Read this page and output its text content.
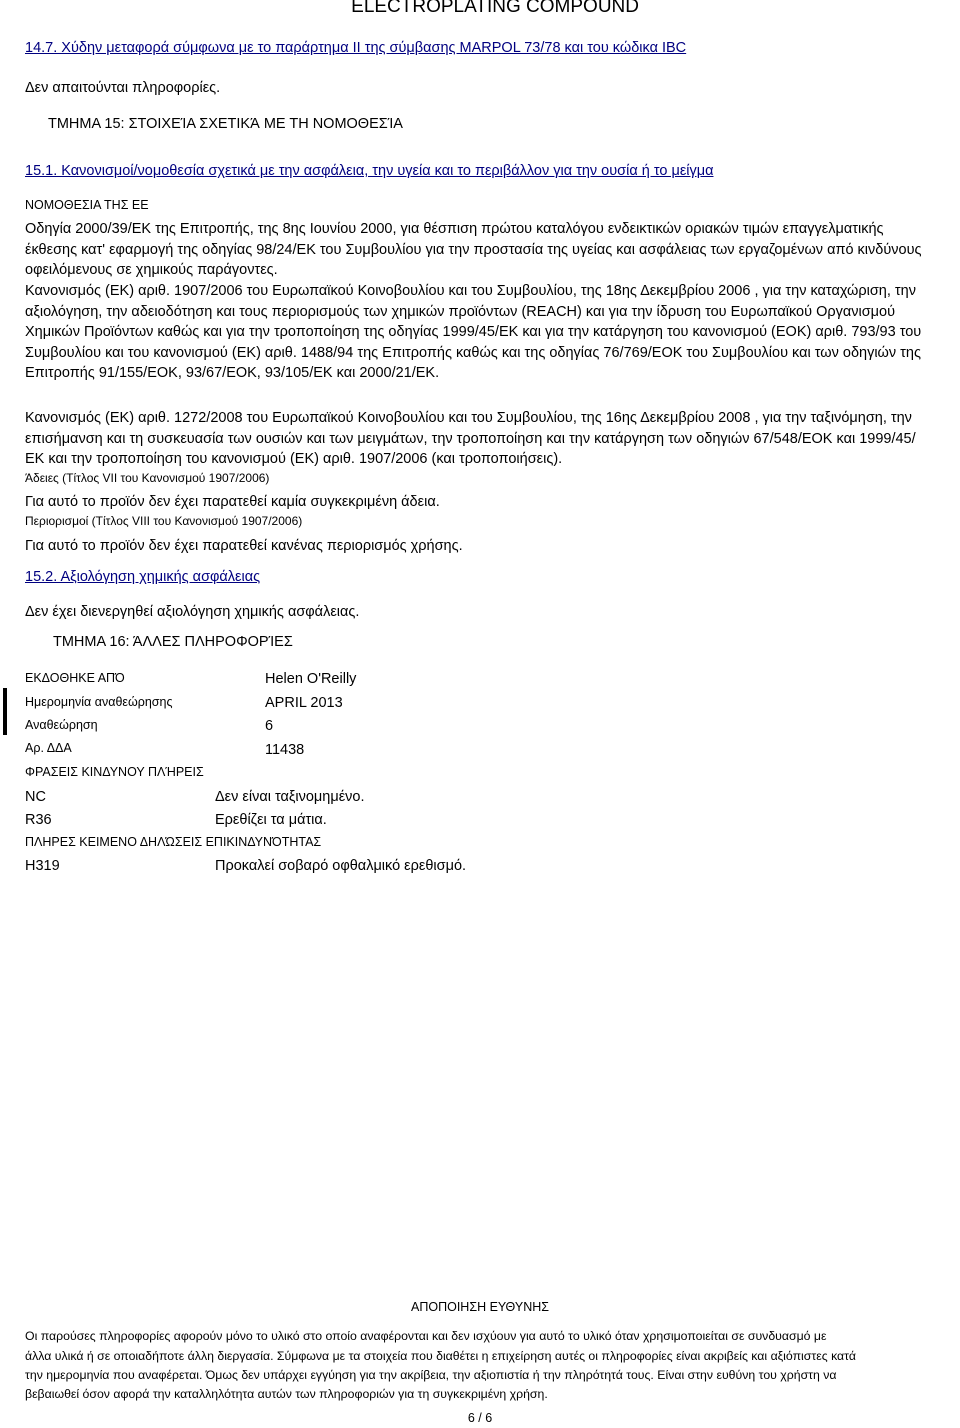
ELECTROPLATING COMPOUND
14.7. Χύδην μεταφορά σύμφωνα με το παράρτημα II της σύμβασης MARPOL 73/78 και του κώδικα IBC
Δεν απαιτούνται πληροφορίες.
ΤΜΗΜΑ 15: ΣΤΟΙΧΕΊΑ ΣΧΕΤΙΚΆ ΜΕ ΤΗ ΝΟΜΟΘΕΣΊΑ
15.1. Κανονισμοί/νομοθεσία σχετικά με την ασφάλεια, την υγεία και το περιβάλλον για την ουσία ή το μείγμα
ΝΟΜΟΘΕΣΙΑ ΤΗΣ ΕΕ
Οδηγία 2000/39/ΕΚ της Επιτροπής, της 8ης Ιουνίου 2000, για θέσπιση πρώτου καταλόγου ενδεικτικών οριακών τιμών επαγγελματικής έκθεσης κατ' εφαρμογή της οδηγίας 98/24/ΕΚ του Συμβουλίου για την προστασία της υγείας και ασφάλειας των εργαζομένων από κινδύνους οφειλόμενους σε χημικούς παράγοντες.
Κανονισμός (ΕΚ) αριθ. 1907/2006 του Ευρωπαϊκού Κοινοβουλίου και του Συμβουλίου, της 18ης Δεκεμβρίου 2006 , για την καταχώριση, την αξιολόγηση, την αδειοδότηση και τους περιορισμούς των χημικών προϊόντων (REACH) και για την ίδρυση του Ευρωπαϊκού Οργανισμού Χημικών Προϊόντων καθώς και για την τροποποίηση της οδηγίας 1999/45/ΕΚ και για την κατάργηση του κανονισμού (ΕΟΚ) αριθ. 793/93 του Συμβουλίου και του κανονισμού (ΕΚ) αριθ. 1488/94 της Επιτροπής καθώς και της οδηγίας 76/769/ΕΟΚ του Συμβουλίου και των οδηγιών της Επιτροπής 91/155/ΕΟΚ, 93/67/ΕΟΚ, 93/105/ΕΚ και 2000/21/ΕΚ.
Κανονισμός (ΕΚ) αριθ. 1272/2008 του Ευρωπαϊκού Κοινοβουλίου και του Συμβουλίου, της 16ης Δεκεμβρίου 2008 , για την ταξινόμηση, την επισήμανση και τη συσκευασία των ουσιών και των μειγμάτων, την τροποποίηση και την κατάργηση των οδηγιών 67/548/ΕΟΚ και 1999/45/ΕΚ και την τροποποίηση του κανονισμού (ΕΚ) αριθ. 1907/2006 (και τροποποιήσεις).
Άδειες (Τίτλος VII του Κανονισμού 1907/2006)
Για αυτό το προϊόν δεν έχει παρατεθεί καμία συγκεκριμένη άδεια.
Περιορισμοί (Τίτλος VIII του Κανονισμού 1907/2006)
Για αυτό το προϊόν δεν έχει παρατεθεί κανένας περιορισμός χρήσης.
15.2. Αξιολόγηση χημικής ασφάλειας
Δεν έχει διενεργηθεί αξιολόγηση χημικής ασφάλειας.
ΤΜΗΜΑ 16: ΆΛΛΕΣ ΠΛΗΡΟΦΟΡΊΕΣ
ΕΚΔΟΘΗΚΕ ΑΠΌ	Helen O'Reilly
Ημερομηνία αναθεώρησης	APRIL 2013
Αναθεώρηση	6
Αρ. ΔΔΑ	11438
ΦΡΑΣΕΙΣ ΚΙΝΔΥΝΟΥ ΠΛΉΡΕΙΣ
NC	Δεν είναι ταξινομημένο.
R36	Ερεθίζει τα μάτια.
ΠΛΗΡΕΣ ΚΕΙΜΕΝΟ ΔΗΛΏΣΕΙΣ ΕΠΙΚΙΝΔΥΝΌΤΗΤΑΣ
H319	Προκαλεί σοβαρό οφθαλμικό ερεθισμό.
ΑΠΟΠΟΙΗΣΗ ΕΥΘΥΝΗΣ
Οι παρούσες πληροφορίες αφορούν μόνο το υλικό στο οποίο αναφέρονται και δεν ισχύουν για αυτό το υλικό όταν χρησιμοποιείται σε συνδυασμό με
άλλα υλικά ή σε οποιαδήποτε άλλη διεργασία. Σύμφωνα με τα στοιχεία που διαθέτει η επιχείρηση αυτές οι πληροφορίες είναι ακριβείς και αξιόπιστες κατά
την ημερομηνία που αναφέρεται. Όμως δεν υπάρχει εγγύηση για την ακρίβεια, την αξιοπιστία ή την πληρότητά τους. Είναι στην ευθύνη του χρήστη να
βεβαιωθεί όσον αφορά την καταλληλότητα αυτών των πληροφοριών για τη συγκεκριμένη χρήση.
6 / 6
